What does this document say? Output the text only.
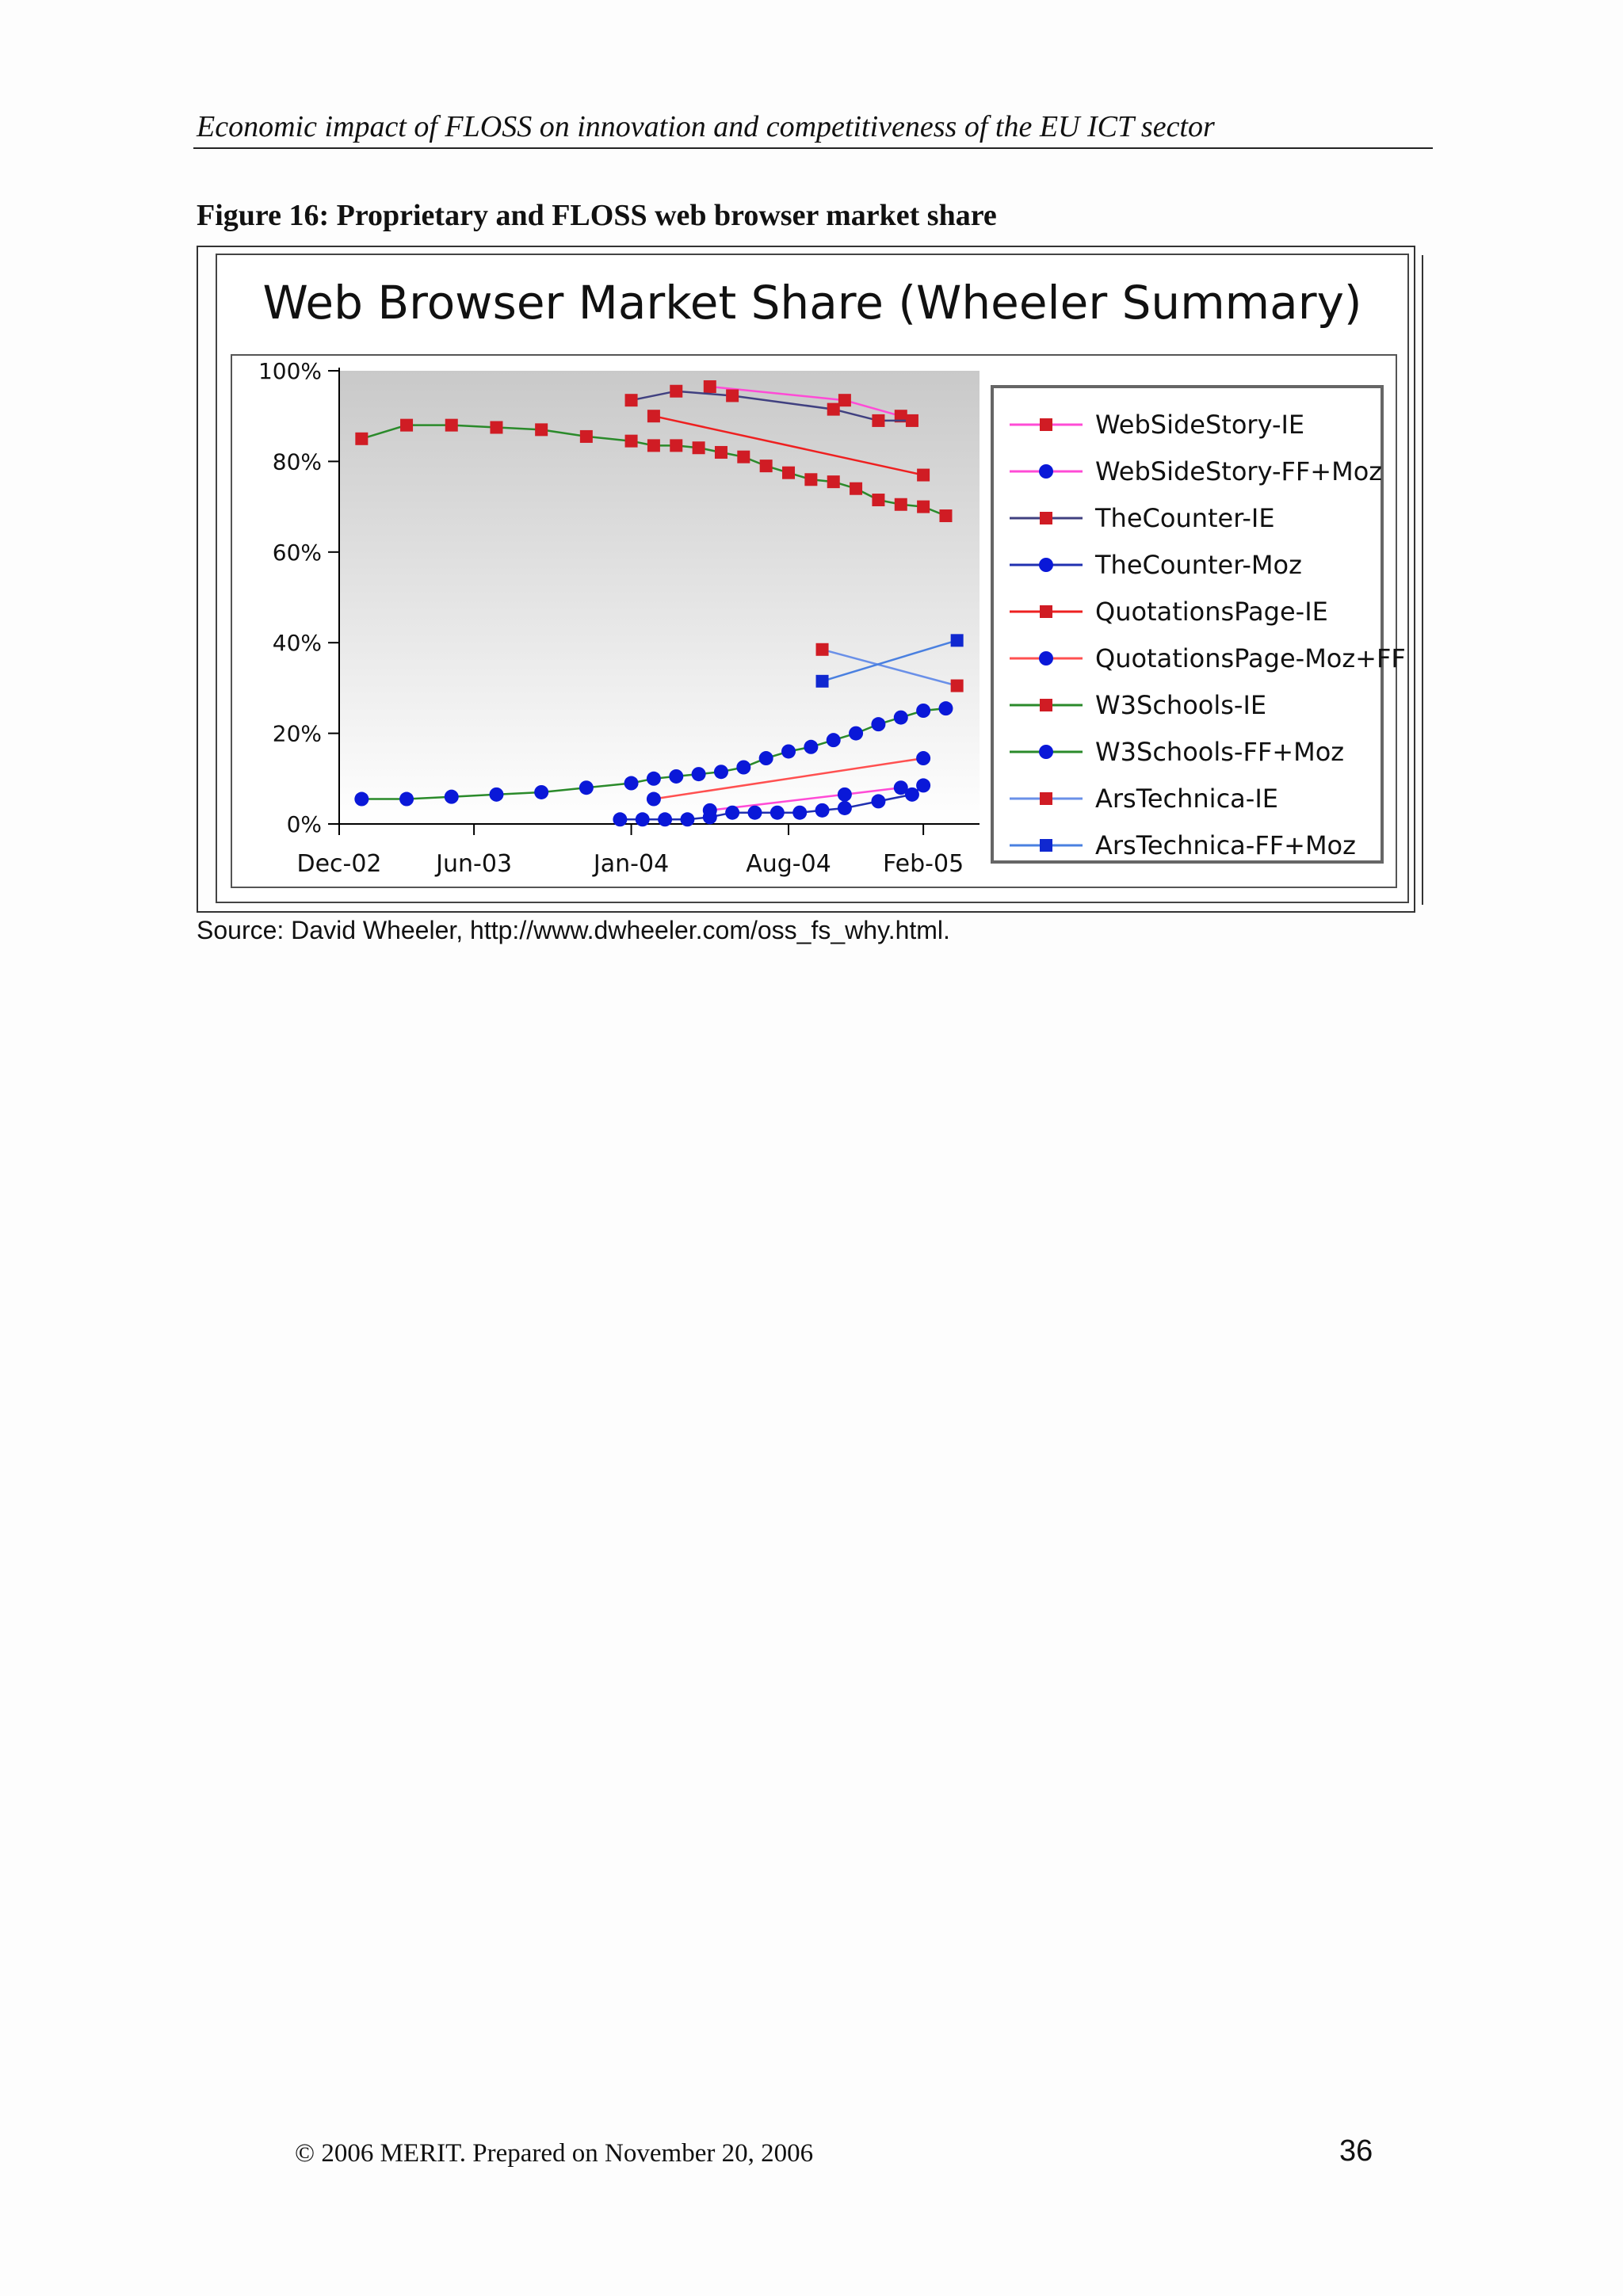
Economic impact of FLOSS on innovation and competitiveness of the EU ICT sector
Figure 16: Proprietary and FLOSS web browser market share
Web Browser Market Share (Wheeler Summary)
0%
20%
40%
60%
80%
100%
Dec-02 Jun-03	Jan-04	Aug-04 Feb-05
WebSideStory-IE
WebSideStory-FF+Moz
TheCounter-IE
TheCounter-Moz
QuotationsPage-IE
QuotationsPage-Moz+FF
W3Schools-IE
W3Schools-FF+Moz
ArsTechnica-IE
ArsTechnica-FF+Moz
Source: David Wheeler, http://www.dwheeler.com/oss_fs_why.html.
© 2006 MERIT. Prepared on November 20, 2006	36
